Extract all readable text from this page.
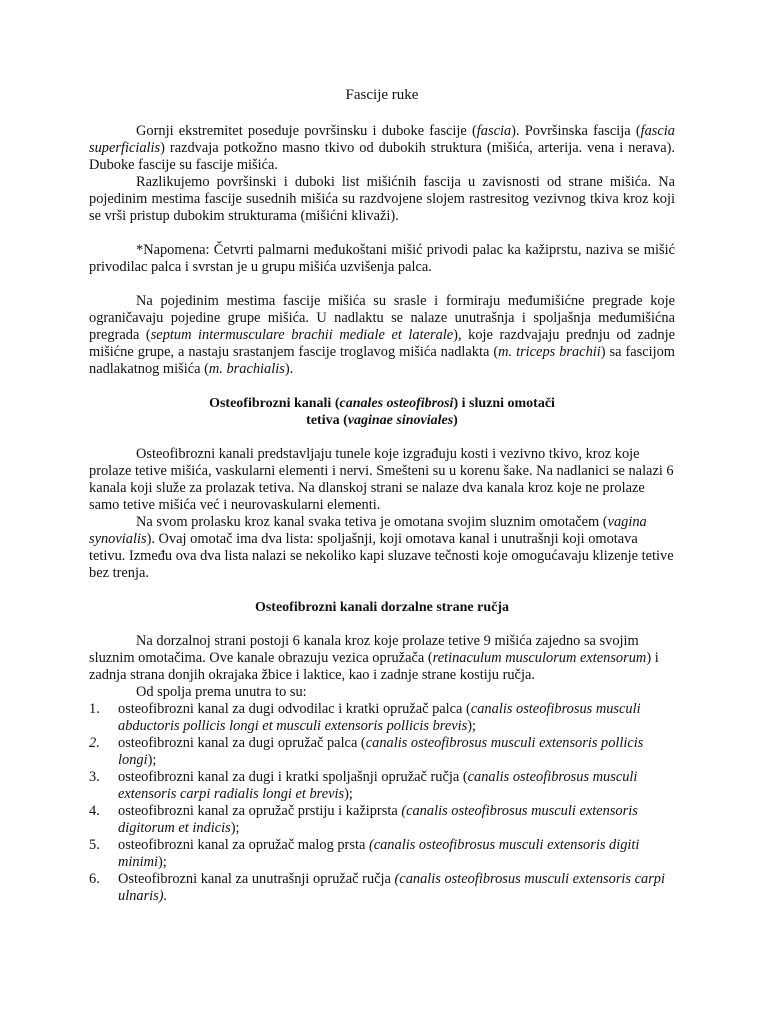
Fascije ruke

Gornji ekstremitet poseduje površinsku i duboke fascije (fascia). Površinska fascija (fascia superficialis) razdvaja potkožno masno tkivo od dubokih struktura (mišića, arterija. vena i nerava). Duboke fascije su fascije mišića.

Razlikujemo površinski i duboki list mišićnih fascija u zavisnosti od strane mišića. Na pojedinim mestima fascije susednih mišića su razdvojene slojem rastresitog vezivnog tkiva kroz koji se vrši pristup dubokim strukturama (mišićni klivaži).

*Napomena: Četvrti palmarni međukoštani mišić privodi palac ka kažiprstu, naziva se mišić privodilac palca i svrstan je u grupu mišića uzvišenja palca.

Na pojedinim mestima fascije mišića su srasle i formiraju međumišićne pregrade koje ograničavaju pojedine grupe mišića. U nadlaktu se nalaze unutrašnja i spoljašnja međumišićna pregrada (septum intermusculare brachii mediale et laterale), koje razdvajaju prednju od zadnje mišićne grupe, a nastaju srastanjem fascije troglavog mišića nadlakta (m. triceps brachii) sa fascijom nadlakatnog mišića (m. brachialis).

Osteofibrozni kanali (canales osteofibrosi) i sluzni omotači
tetiva (vaginae sinoviales)

Osteofibrozni kanali predstavljaju tunele koje izgrađuju kosti i vezivno tkivo, kroz koje prolaze tetive mišića, vaskularni elementi i nervi. Smešteni su u korenu šake. Na nadlanici se nalazi 6 kanala koji služe za prolazak tetiva. Na dlanskoj strani se nalaze dva kanala kroz koje ne prolaze samo tetive mišića već i neurovaskularni elementi.

Na svom prolasku kroz kanal svaka tetiva je omotana svojim sluznim omotačem (vagina synovialis). Ovaj omotač ima dva lista: spoljašnji, koji omotava kanal i unutrašnji koji omotava tetivu. Između ova dva lista nalazi se nekoliko kapi sluzave tečnosti koje omogućavaju klizenje tetive bez trenja.

Osteofibrozni kanali dorzalne strane ručja

Na dorzalnoj strani postoji 6 kanala kroz koje prolaze tetive 9 mišića zajedno sa svojim sluznim omotačima. Ove kanale obrazuju vezica opružača (retinaculum musculorum extensorum) i zadnja strana donjih okrajaka žbice i laktice, kao i zadnje strane kostiju ručja.

Od spolja prema unutra to su:

1. osteofibrozni kanal za dugi odvodilac i kratki opružač palca (canalis osteofibrosus musculi abductoris pollicis longi et musculi extensoris pollicis brevis);
2. osteofibrozni kanal za dugi opružač palca (canalis osteofibrosus musculi extensoris pollicis longi);
3. osteofibrozni kanal za dugi i kratki spoljašnji opružač ručja (canalis osteofibrosus musculi extensoris carpi radialis longi et brevis);
4. osteofibrozni kanal za opružač prstiju i kažiprsta (canalis osteofibrosus musculi extensoris digitorum et indicis);
5. osteofibrozni kanal za opružač malog prsta (canalis osteofibrosus musculi extensoris digiti minimi);
6. Osteofibrozni kanal za unutrašnji opružač ručja (canalis osteofibrosus musculi extensoris carpi ulnaris).
